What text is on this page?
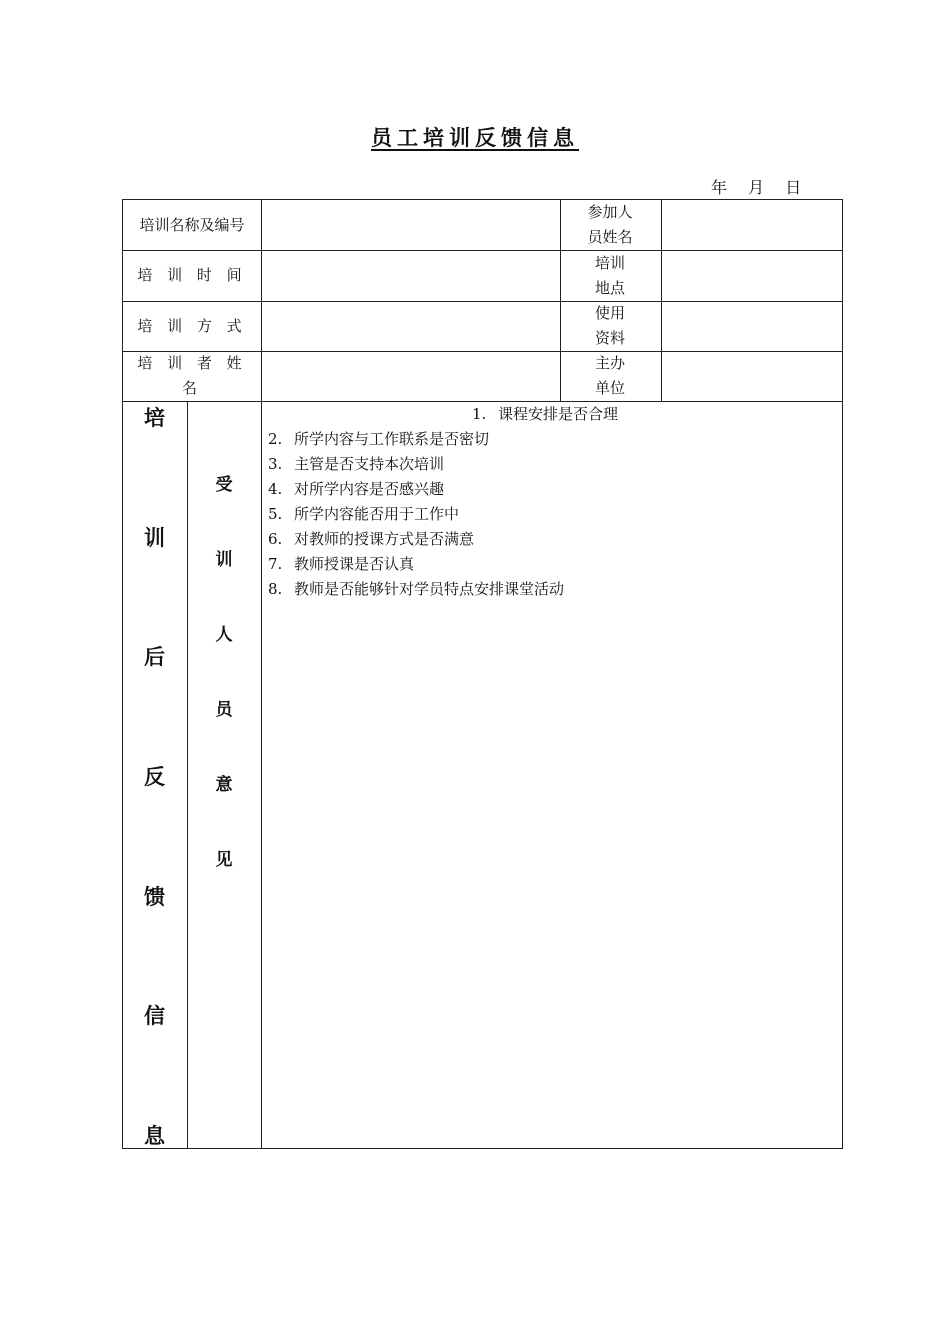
员工培训反馈信息
年 月 日
培训名称及编号
培 训 时 间
培 训 方 式
培 训 者 姓 名
参加人
员姓名
培训
地点
使用
资料
主办
单位
培
训
后
反
馈
信
息
受
训
人
员
意
见
1. 课程安排是否合理
2. 所学内容与工作联系是否密切
3. 主管是否支持本次培训
4. 对所学内容是否感兴趣
5. 所学内容能否用于工作中
6. 对教师的授课方式是否满意
7. 教师授课是否认真
8. 教师是否能够针对学员特点安排课堂活动
